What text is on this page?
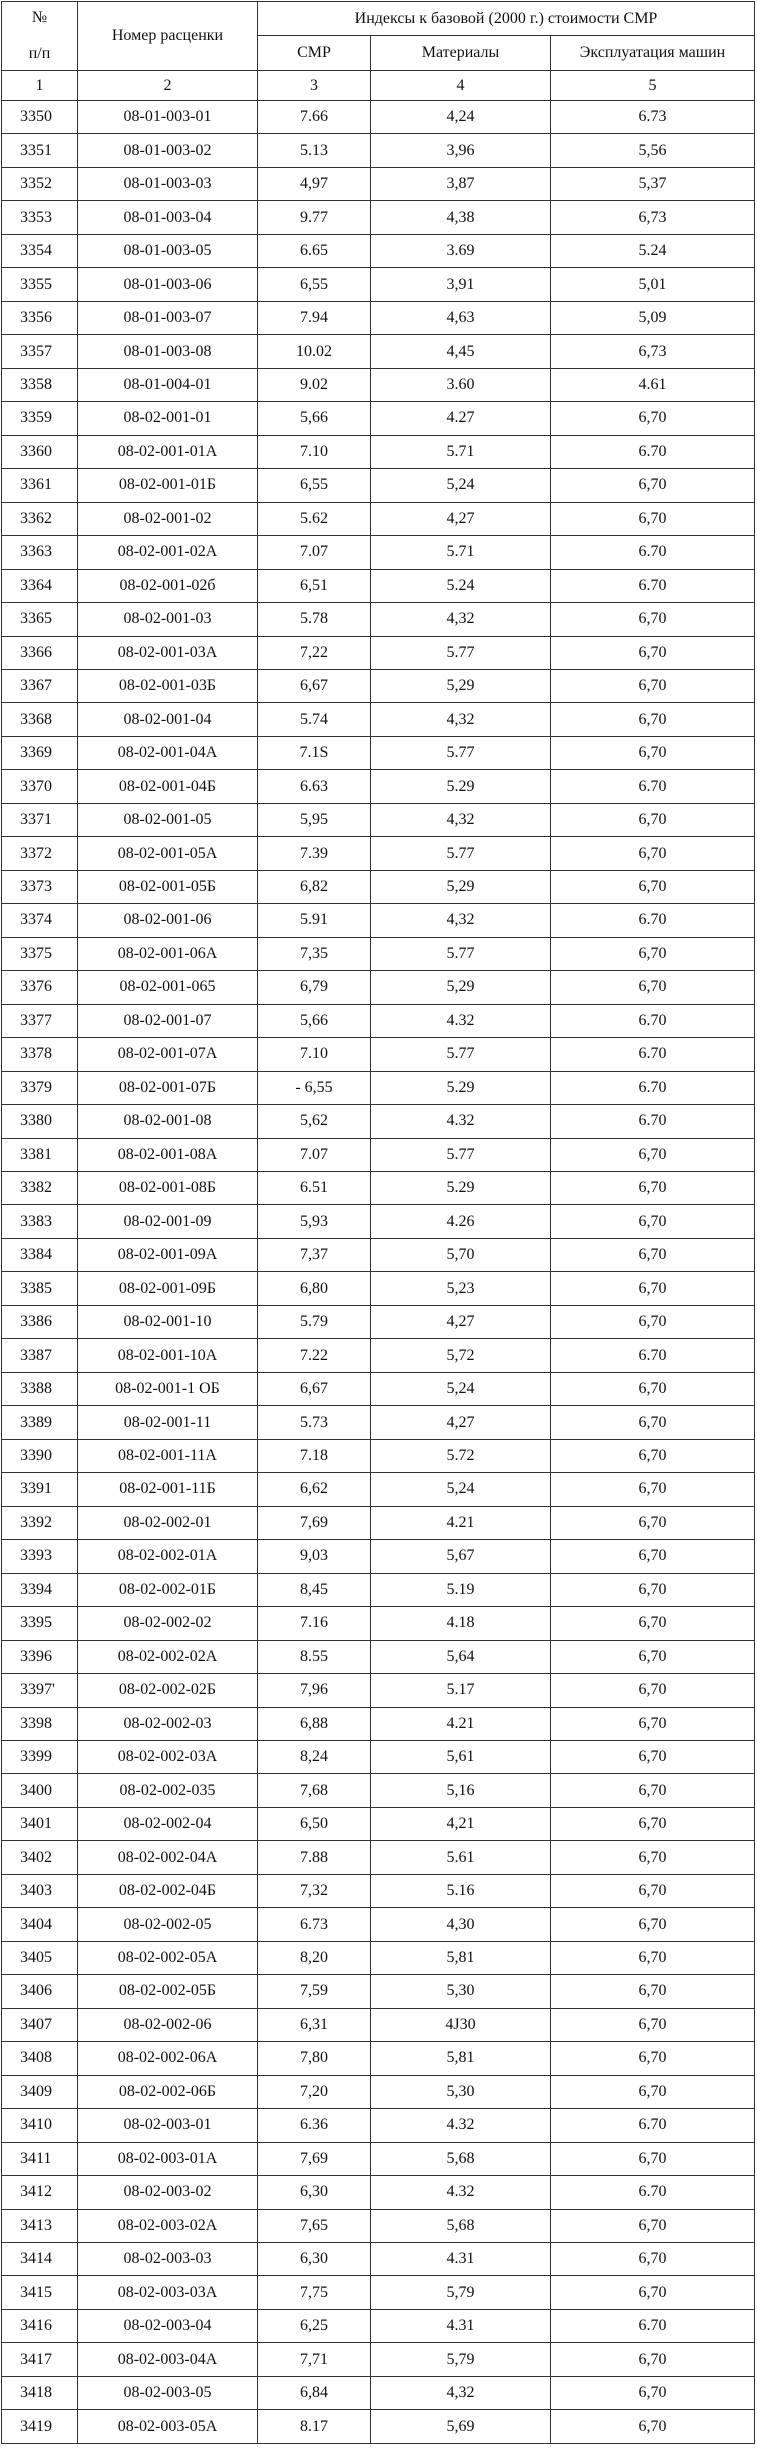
№
п/п	Номер расценки	Индексы к базовой (2000 г.) стоимости СМР		
		СМР	Материалы	Эксплуатация машин
1	2	3	4	5
3350	08-01-003-01	7.66	4,24	6.73
3351	08-01-003-02	5.13	3,96	5,56
3352	08-01-003-03	4,97	3,87	5,37
3353	08-01-003-04	9.77	4,38	6,73
3354	08-01-003-05	6.65	3.69	5.24
3355	08-01-003-06	6,55	3,91	5,01
3356	08-01-003-07	7.94	4,63	5,09
3357	08-01-003-08	10.02	4,45	6,73
3358	08-01-004-01	9.02	3.60	4.61
3359	08-02-001-01	5,66	4.27	6,70
3360	08-02-001-01А	7.10	5.71	6.70
3361	08-02-001-01Б	6,55	5,24	6,70
3362	08-02-001-02	5.62	4,27	6,70
3363	08-02-001-02А	7.07	5.71	6.70
3364	08-02-001-02б	6,51	5.24	6.70
3365	08-02-001-03	5.78	4,32	6,70
3366	08-02-001-03А	7,22	5.77	6,70
3367	08-02-001-03Б	6,67	5,29	6,70
3368	08-02-001-04	5.74	4,32	6,70
3369	08-02-001-04А	7.1S	5.77	6,70
3370	08-02-001-04Б	6.63	5.29	6.70
3371	08-02-001-05	5,95	4,32	6,70
3372	08-02-001-05А	7.39	5.77	6,70
3373	08-02-001-05Б	6,82	5,29	6,70
3374	08-02-001-06	5.91	4,32	6.70
3375	08-02-001-06А	7,35	5.77	6,70
3376	08-02-001-065	6,79	5,29	6,70
3377	08-02-001-07	5,66	4.32	6.70
3378	08-02-001-07А	7.10	5.77	6.70
3379	08-02-001-07Б	- 6,55	5.29	6.70
3380	08-02-001-08	5,62	4.32	6.70
3381	08-02-001-08А	7.07	5.77	6,70
3382	08-02-001-08Б	6.51	5.29	6,70
3383	08-02-001-09	5,93	4.26	6,70
3384	08-02-001-09А	7,37	5,70	6,70
3385	08-02-001-09Б	6,80	5,23	6,70
3386	08-02-001-10	5.79	4,27	6,70
3387	08-02-001-10А	7.22	5,72	6.70
3388	08-02-001-1 ОБ	6,67	5,24	6,70
3389	08-02-001-11	5.73	4,27	6,70
3390	08-02-001-11А	7.18	5.72	6,70
3391	08-02-001-11Б	6,62	5,24	6,70
3392	08-02-002-01	7,69	4.21	6,70
3393	08-02-002-01А	9,03	5,67	6,70
3394	08-02-002-01Б	8,45	5.19	6,70
3395	08-02-002-02	7.16	4.18	6,70
3396	08-02-002-02А	8.55	5,64	6,70
3397'	08-02-002-02Б	7,96	5.17	6,70
3398	08-02-002-03	6,88	4.21	6,70
3399	08-02-002-03А	8,24	5,61	6,70
3400	08-02-002-035	7,68	5,16	6,70
3401	08-02-002-04	6,50	4,21	6,70
3402	08-02-002-04А	7.88	5.61	6,70
3403	08-02-002-04Б	7,32	5.16	6,70
3404	08-02-002-05	6.73	4,30	6,70
3405	08-02-002-05А	8,20	5,81	6,70
3406	08-02-002-05Б	7,59	5,30	6,70
3407	08-02-002-06	6,31	4J30	6,70
3408	08-02-002-06А	7,80	5,81	6,70
3409	08-02-002-06Б	7,20	5,30	6,70
3410	08-02-003-01	6.36	4.32	6.70
3411	08-02-003-01А	7,69	5,68	6,70
3412	08-02-003-02	6,30	4.32	6.70
3413	08-02-003-02А	7,65	5,68	6,70
3414	08-02-003-03	6,30	4.31	6,70
3415	08-02-003-03А	7,75	5,79	6,70
3416	08-02-003-04	6,25	4.31	6.70
3417	08-02-003-04А	7,71	5,79	6,70
3418	08-02-003-05	6,84	4,32	6,70
3419	08-02-003-05А	8.17	5,69	6,70
